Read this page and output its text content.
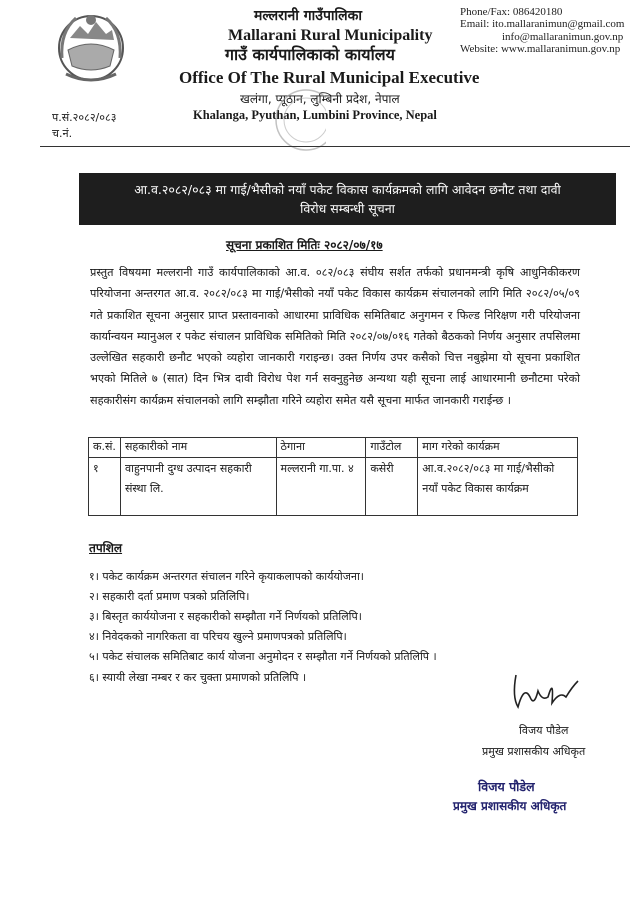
मल्लरानी गाउँपालिका
Mallarani Rural Municipality
गाउँ कार्यपालिकाको कार्यालय
Office Of The Rural Municipal Executive
खलंगा, प्यूठान, लुम्बिनी प्रदेश, नेपाल
Khalanga, Pyuthan, Lumbini Province, Nepal
Phone/Fax: 086420180
Email: ito.mallaranimun@gmail.com
info@mallaranimun.gov.np
Website: www.mallaranimun.gov.np
प.सं.२०८२/०८३
च.नं.
आ.व.२०८२/०८३ मा गाई/भैसीको नयाँ पकेट विकास कार्यक्रमको लागि आवेदन छनौट तथा दावी
विरोध सम्बन्धी सूचना
सूचना प्रकाशित मितिः २०८२/०७/१७
प्रस्तुत विषयमा मल्लरानी गाउँ कार्यपालिकाको आ.व. ०८२/०८३ संघीय सर्शत तर्फको प्रधानमन्त्री कृषि आधुनिकीकरण परियोजना अन्तरगत आ.व. २०८२/०८३ मा गाई/भैसीको नयाँ पकेट विकास कार्यक्रम संचालनको लागि मिति २०८२/०५/०९ गते प्रकाशित सूचना अनुसार प्राप्त प्रस्तावनाको आधारमा प्राविधिक समितिबाट अनुगमन र फिल्ड निरिक्षण गरी परियोजना कार्यान्वयन म्यानुअल र पकेट संचालन प्राविधिक समितिको मिति २०८२/०७/०१६ गतेको बैठकको निर्णय अनुसार तपसिलमा उल्लेखित सहकारी छनौट भएको व्यहोरा जानकारी गराइन्छ। उक्त निर्णय उपर कसैको चित्त नबुझेमा यो सूचना प्रकाशित भएको मितिले ७ (सात) दिन भित्र दावी विरोध पेश गर्न सक्नुहुनेछ अन्यथा यही सूचना लाई आधारमानी छनौटमा परेको सहकारीसंग कार्यक्रम संचालनको लागि सम्झौता गरिने व्यहोरा समेत यसै सूचना मार्फत जानकारी गराईन्छ ।
क.सं.	सहकारीको नाम	ठेगाना	गाउँटोल	माग गरेको कार्यक्रम
१	वाहुनपानी दुग्ध उत्पादन सहकारी संस्था लि.	मल्लरानी गा.पा. ४	कसेरी	आ.व.२०८२/०८३ मा गाई/भैसीको नयाँ पकेट विकास कार्यक्रम
तपशिल
१। पकेट कार्यक्रम अन्तरगत संचालन गरिने कृयाकलापको कार्ययोजना।
२। सहकारी दर्ता प्रमाण पत्रको प्रतिलिपि।
३। बिस्तृत कार्ययोजना र सहकारीको सम्झौता गर्ने निर्णयको प्रतिलिपि।
४। निवेदकको नागरिकता वा परिचय खुल्ने प्रमाणपत्रको प्रतिलिपि।
५। पकेट संचालक समितिबाट कार्य योजना अनुमोदन र सम्झौता गर्ने निर्णयको प्रतिलिपि ।
६। स्यायी लेखा नम्बर र कर चुक्ता प्रमाणको प्रतिलिपि ।
विजय पौडेल
प्रमुख प्रशासकीय अधिकृत
विजय पौडेल
प्रमुख प्रशासकीय अधिकृत
